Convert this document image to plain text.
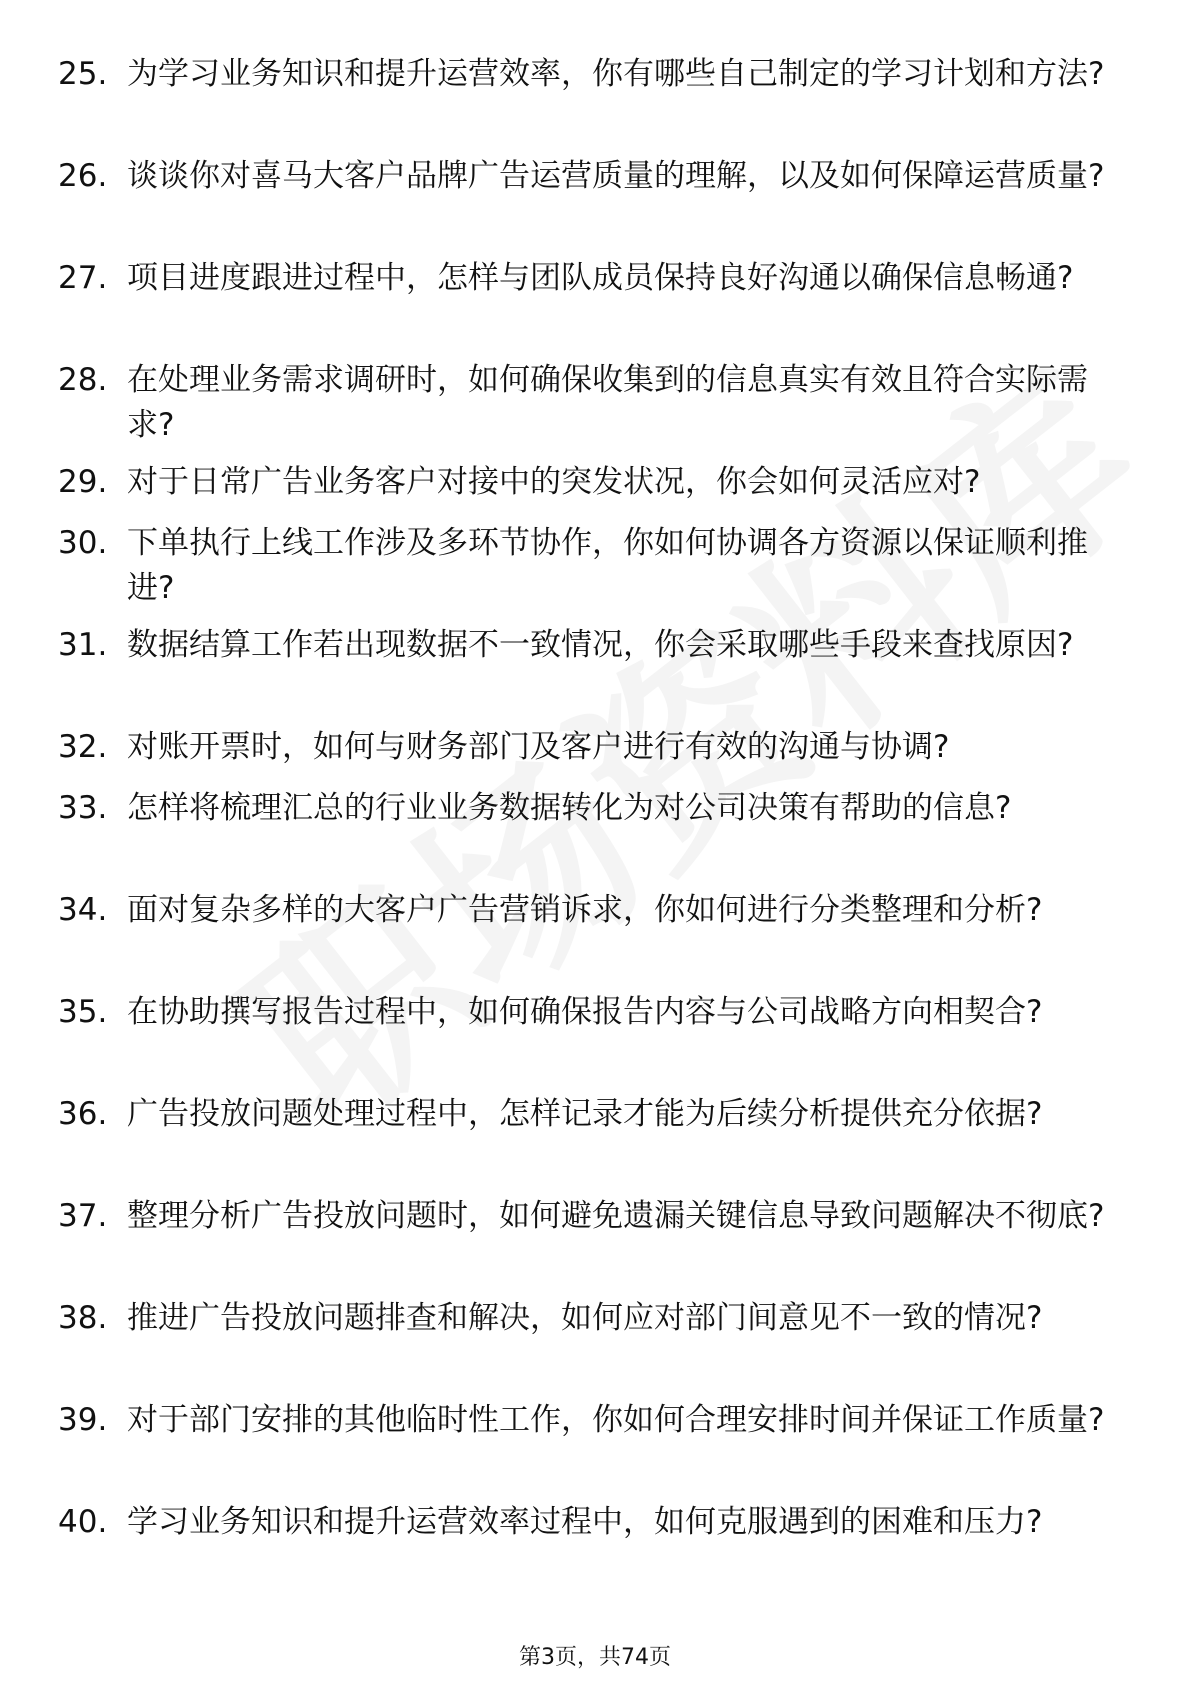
25. 为学习业务知识和提升运营效率，你有哪些自己制定的学习计划和方法?
26. 谈谈你对喜马大客户品牌广告运营质量的理解，以及如何保障运营质量?
27. 项目进度跟进过程中，怎样与团队成员保持良好沟通以确保信息畅通?
28. 在处理业务需求调研时，如何确保收集到的信息真实有效且符合实际需求?
29. 对于日常广告业务客户对接中的突发状况，你会如何灵活应对?
30. 下单执行上线工作涉及多环节协作，你如何协调各方资源以保证顺利推进?
31. 数据结算工作若出现数据不一致情况，你会采取哪些手段来查找原因?
32. 对账开票时，如何与财务部门及客户进行有效的沟通与协调?
33. 怎样将梳理汇总的行业业务数据转化为对公司决策有帮助的信息?
34. 面对复杂多样的大客户广告营销诉求，你如何进行分类整理和分析?
35. 在协助撰写报告过程中，如何确保报告内容与公司战略方向相契合?
36. 广告投放问题处理过程中，怎样记录才能为后续分析提供充分依据?
37. 整理分析广告投放问题时，如何避免遗漏关键信息导致问题解决不彻底?
38. 推进广告投放问题排查和解决，如何应对部门间意见不一致的情况?
39. 对于部门安排的其他临时性工作，你如何合理安排时间并保证工作质量?
40. 学习业务知识和提升运营效率过程中，如何克服遇到的困难和压力?
第3页，共74页
